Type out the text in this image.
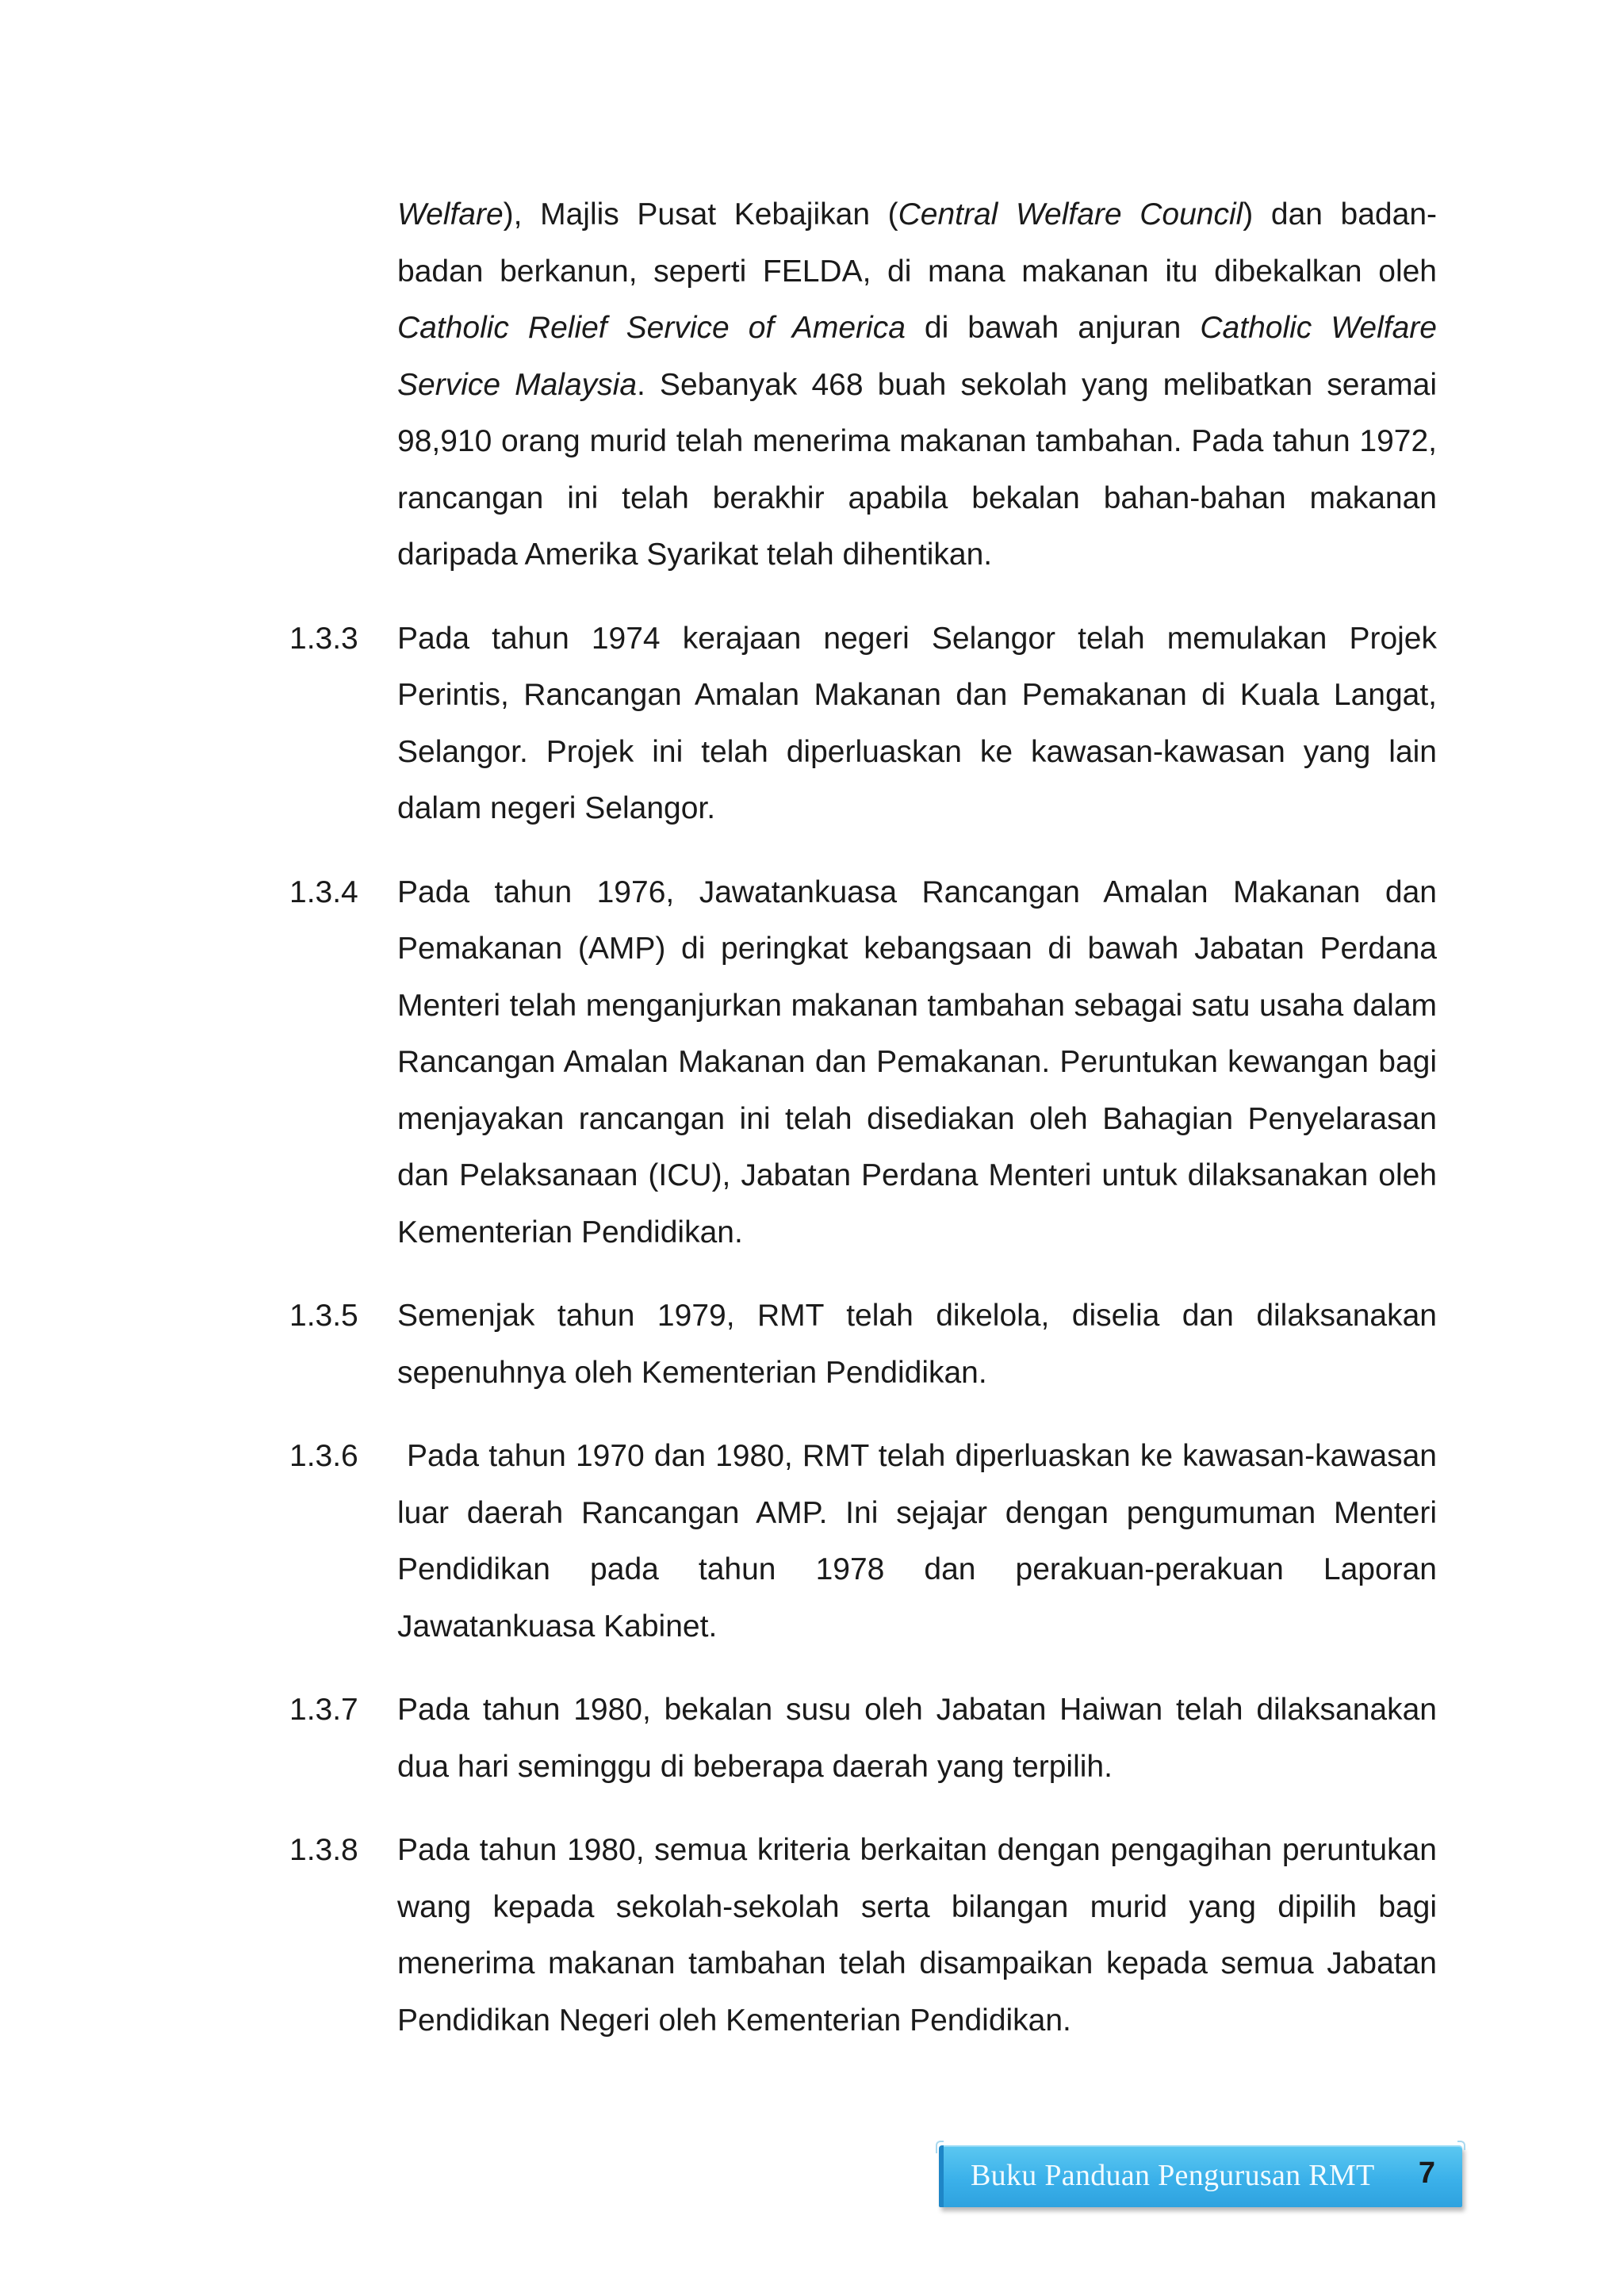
Welfare), Majlis Pusat Kebajikan (Central Welfare Council) dan badan-badan berkanun, seperti FELDA, di mana makanan itu dibekalkan oleh Catholic Relief Service of America di bawah anjuran Catholic Welfare Service Malaysia. Sebanyak 468 buah sekolah yang melibatkan seramai 98,910 orang murid telah menerima makanan tambahan. Pada tahun 1972, rancangan ini telah berakhir apabila bekalan bahan-bahan makanan daripada Amerika Syarikat telah dihentikan.

1.3.3 Pada tahun 1974 kerajaan negeri Selangor telah memulakan Projek Perintis, Rancangan Amalan Makanan dan Pemakanan di Kuala Langat, Selangor. Projek ini telah diperluaskan ke kawasan-kawasan yang lain dalam negeri Selangor.

1.3.4 Pada tahun 1976, Jawatankuasa Rancangan Amalan Makanan dan Pemakanan (AMP) di peringkat kebangsaan di bawah Jabatan Perdana Menteri telah menganjurkan makanan tambahan sebagai satu usaha dalam Rancangan Amalan Makanan dan Pemakanan. Peruntukan kewangan bagi menjayakan rancangan ini telah disediakan oleh Bahagian Penyelarasan dan Pelaksanaan (ICU), Jabatan Perdana Menteri untuk dilaksanakan oleh Kementerian Pendidikan.

1.3.5 Semenjak tahun 1979, RMT telah dikelola, diselia dan dilaksanakan sepenuhnya oleh Kementerian Pendidikan.

1.3.6	Pada tahun 1970 dan 1980, RMT telah diperluaskan ke kawasan-kawasan luar daerah Rancangan AMP. Ini sejajar dengan pengumuman Menteri Pendidikan pada tahun 1978 dan perakuan-perakuan Laporan Jawatankuasa Kabinet.

1.3.7 Pada tahun 1980, bekalan susu oleh Jabatan Haiwan telah dilaksanakan dua hari seminggu di beberapa daerah yang terpilih.

1.3.8 Pada tahun 1980, semua kriteria berkaitan dengan pengagihan peruntukan wang kepada sekolah-sekolah serta bilangan murid yang dipilih bagi menerima makanan tambahan telah disampaikan kepada semua Jabatan Pendidikan Negeri oleh Kementerian Pendidikan.

Buku Panduan Pengurusan RMT 7
